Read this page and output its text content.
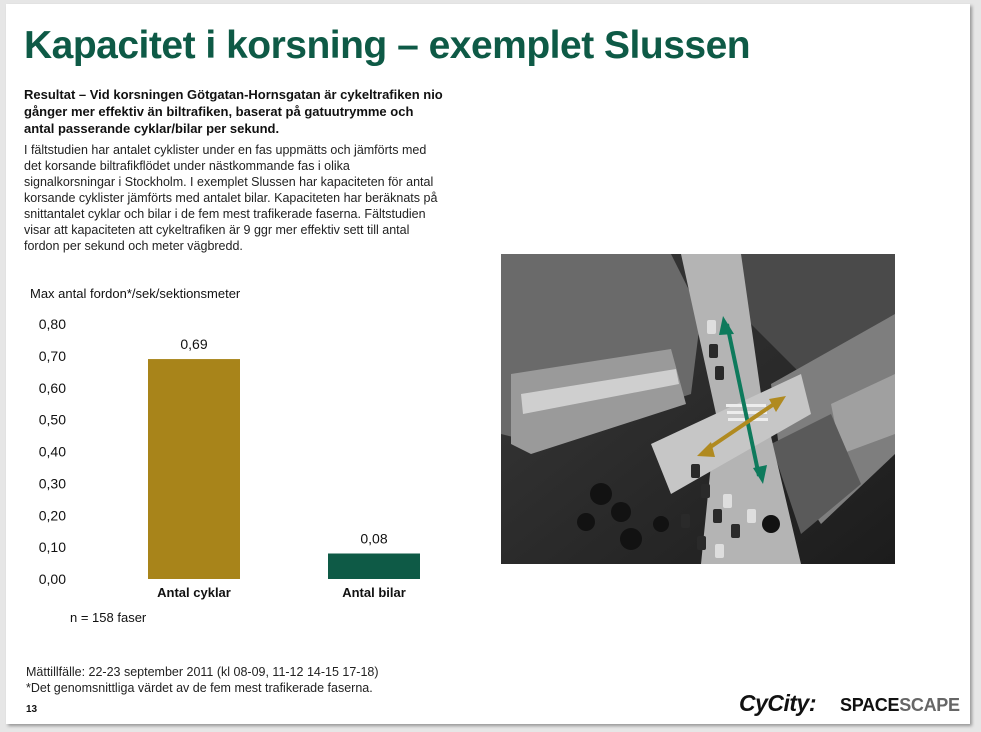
Kapacitet i korsning – exemplet Slussen
Resultat – Vid korsningen Götgatan-Hornsgatan är cykeltrafiken nio gånger mer effektiv än biltrafiken, baserat på gatuutrymme och antal passerande cyklar/bilar per sekund.
I fältstudien har antalet cyklister under en fas uppmätts och jämförts med det korsande biltrafikflödet under nästkommande fas i olika signalkorsningar i Stockholm. I exemplet Slussen har kapaciteten för antal korsande cyklister jämförts med antalet bilar. Kapaciteten har beräknats på snittantalet cyklar och bilar i de fem mest trafikerade faserna. Fältstudien visar att kapaciteten att cykeltrafiken är 9 ggr mer effektiv sett till antal fordon per sekund och meter vägbredd.
Max antal fordon*/sek/sektionsmeter
0,00
0,10
0,20
0,30
0,40
0,50
0,60
0,70
0,80
0,69
Antal cyklar
0,08
Antal bilar
n = 158 faser
Mättillfälle: 22-23 september 2011 (kl 08-09, 11-12 14-15 17-18)
*Det genomsnittliga värdet av de fem mest trafikerade faserna.
13	CyCity: SPACESCAPE
